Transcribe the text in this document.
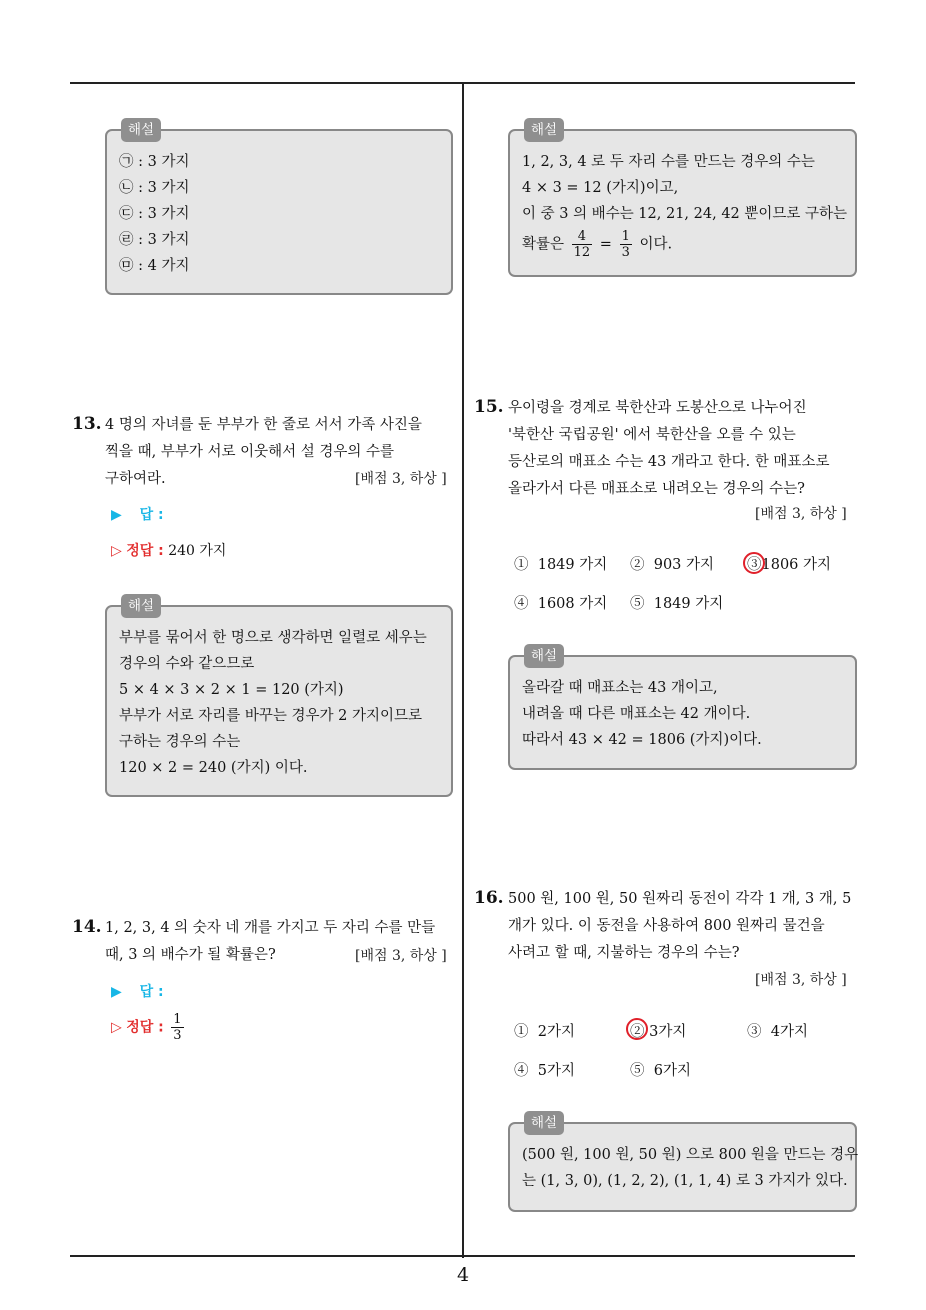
해설
㉠ : 3 가지
㉡ : 3 가지
㉢ : 3 가지
㉣ : 3 가지
㉤ : 4 가지
해설
1, 2, 3, 4 로 두 자리 수를 만드는 경우의 수는
4 × 3 = 12 (가지)이고,
이 중 3 의 배수는 12, 21, 24, 42 뿐이므로 구하는
확률은 $\frac{4}{12} = \frac{1}{3}$ 이다.
13. 4 명의 자녀를 둔 부부가 한 줄로 서서 가족 사진을
찍을 때, 부부가 서로 이웃해서 설 경우의 수를
구하여라.	[배점 3, 하상 ]
▶ 답 :
▷ 정답 : 240 가지
해설
부부를 묶어서 한 명으로 생각하면 일렬로 세우는
경우의 수와 같으므로
5 × 4 × 3 × 2 × 1 = 120 (가지)
부부가 서로 자리를 바꾸는 경우가 2 가지이므로
구하는 경우의 수는
120 × 2 = 240 (가지) 이다.
14. 1, 2, 3, 4 의 숫자 네 개를 가지고 두 자리 수를 만들
때, 3 의 배수가 될 확률은?	[배점 3, 하상 ]
▶ 답 :
▷ 정답 : $\frac{1}{3}$
15. 우이령을 경계로 북한산과 도봉산으로 나누어진
'북한산 국립공원' 에서 북한산을 오를 수 있는
등산로의 매표소 수는 43 개라고 한다. 한 매표소로
올라가서 다른 매표소로 내려오는 경우의 수는?
[배점 3, 하상 ]
① 1849 가지 ② 903 가지 ③1806 가지
④ 1608 가지 ⑤ 1849 가지
해설
올라갈 때 매표소는 43 개이고,
내려올 때 다른 매표소는 42 개이다.
따라서 43 × 42 = 1806 (가지)이다.
16. 500 원, 100 원, 50 원짜리 동전이 각각 1 개, 3 개, 5
개가 있다. 이 동전을 사용하여 800 원짜리 물건을
사려고 할 때, 지불하는 경우의 수는?
[배점 3, 하상 ]
① 2가지	② 3가지	③ 4가지
④ 5가지	⑤ 6가지
해설
(500 원, 100 원, 50 원) 으로 800 원을 만드는 경우
는 (1, 3, 0), (1, 2, 2), (1, 1, 4) 로 3 가지가 있다.
4
